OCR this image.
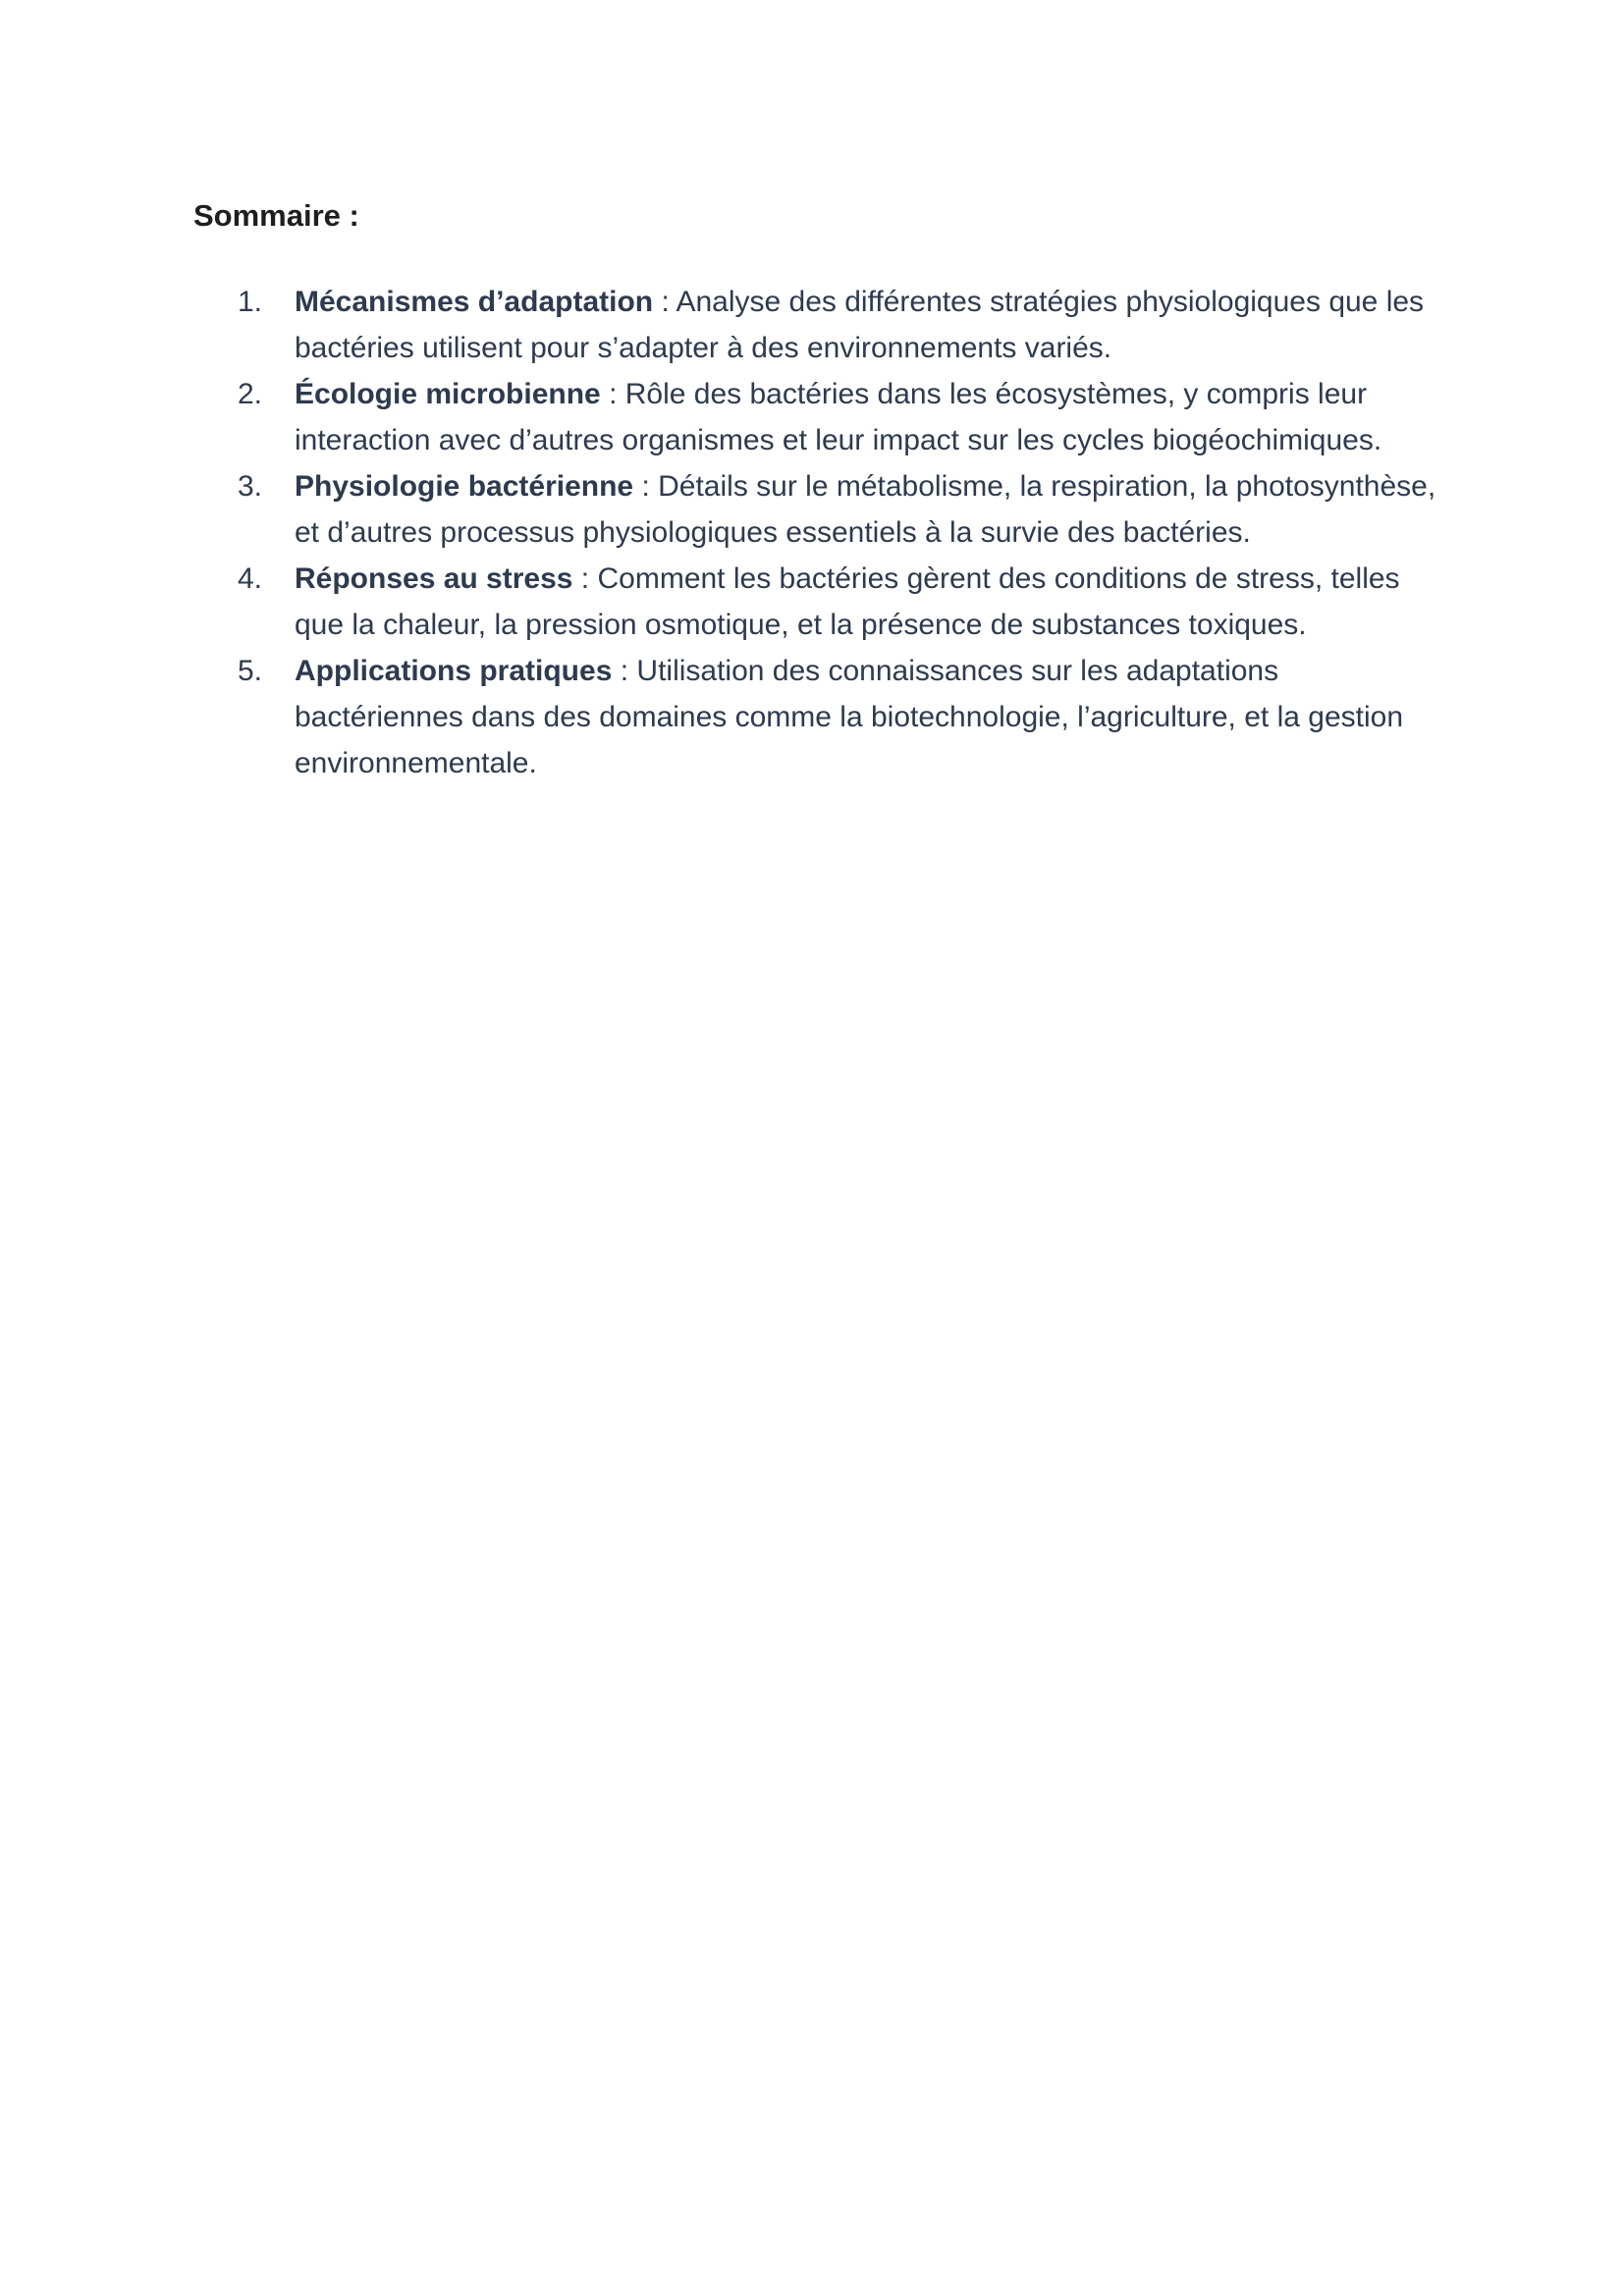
Sommaire :
1.	Mécanismes d’adaptation : Analyse des différentes stratégies physiologiques que les bactéries utilisent pour s’adapter à des environnements variés.
2.	Écologie microbienne : Rôle des bactéries dans les écosystèmes, y compris leur interaction avec d’autres organismes et leur impact sur les cycles biogéochimiques.
3.	Physiologie bactérienne : Détails sur le métabolisme, la respiration, la photosynthèse, et d’autres processus physiologiques essentiels à la survie des bactéries.
4.	Réponses au stress : Comment les bactéries gèrent des conditions de stress, telles que la chaleur, la pression osmotique, et la présence de substances toxiques.
5.	Applications pratiques : Utilisation des connaissances sur les adaptations bactériennes dans des domaines comme la biotechnologie, l’agriculture, et la gestion environnementale.
